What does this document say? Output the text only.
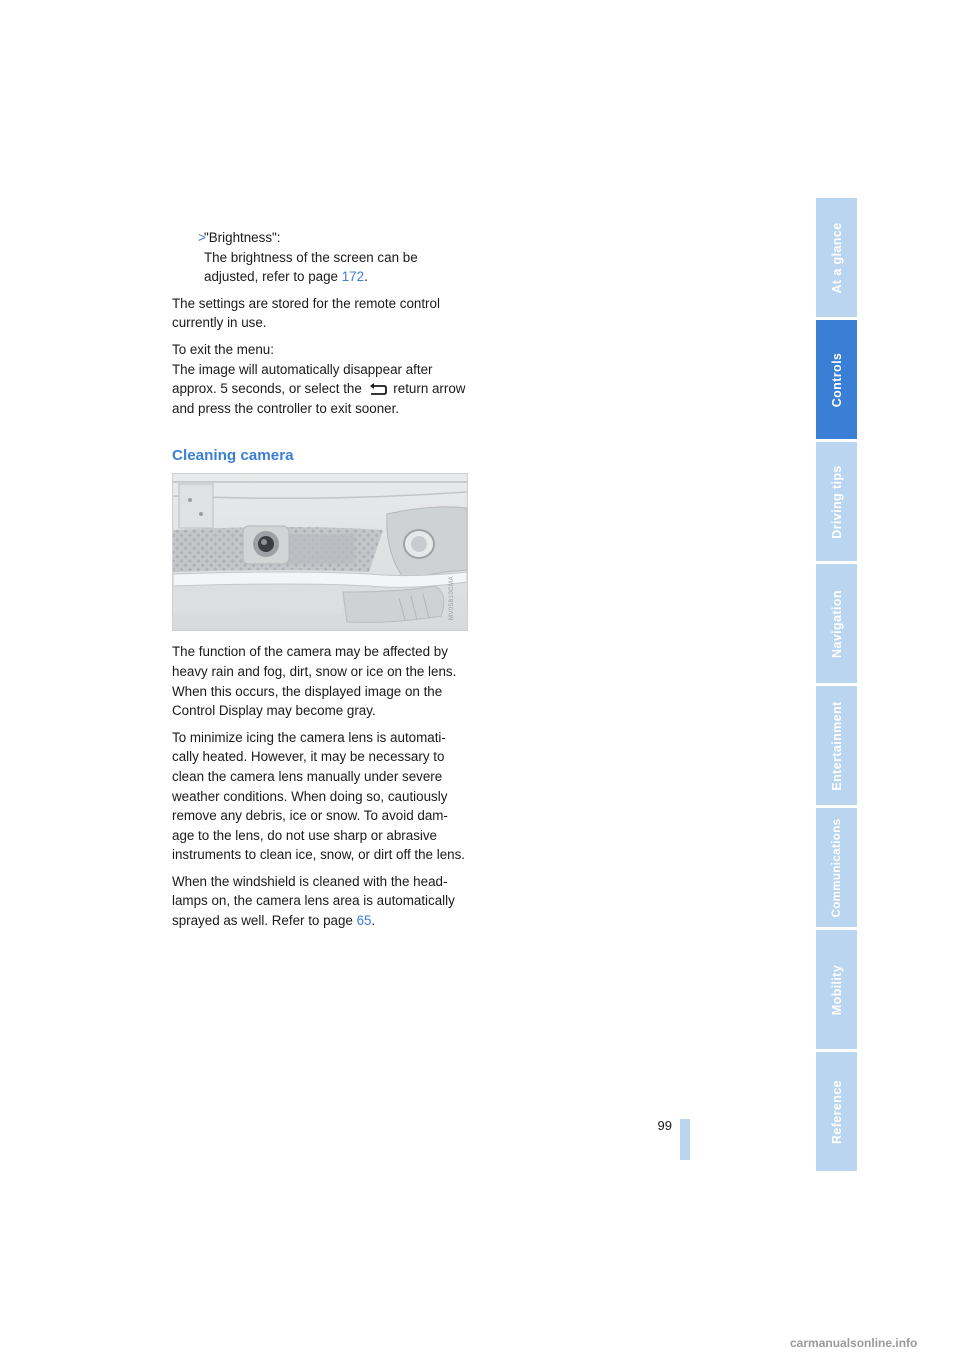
>
"Brightness":
The brightness of the screen can be
adjusted, refer to page 172.

The settings are stored for the remote control currently in use.

To exit the menu:
The image will automatically disappear after approx. 5 seconds, or select the return arrow and press the controller to exit sooner.

Cleaning camera
MV05810CMA

The function of the camera may be affected by heavy rain and fog, dirt, snow or ice on the lens. When this occurs, the displayed image on the Control Display may become gray.

To minimize icing the camera lens is automati-cally heated. However, it may be necessary to clean the camera lens manually under severe weather conditions. When doing so, cautiously remove any debris, ice or snow. To avoid dam-age to the lens, do not use sharp or abrasive instruments to clean ice, snow, or dirt off the lens.

When the windshield is cleaned with the head-lamps on, the camera lens area is automatically sprayed as well. Refer to page 65.

At a glance
Controls
Driving tips
Navigation
Entertainment
Communications
Mobility
Reference
99
carmanualsonline.info
